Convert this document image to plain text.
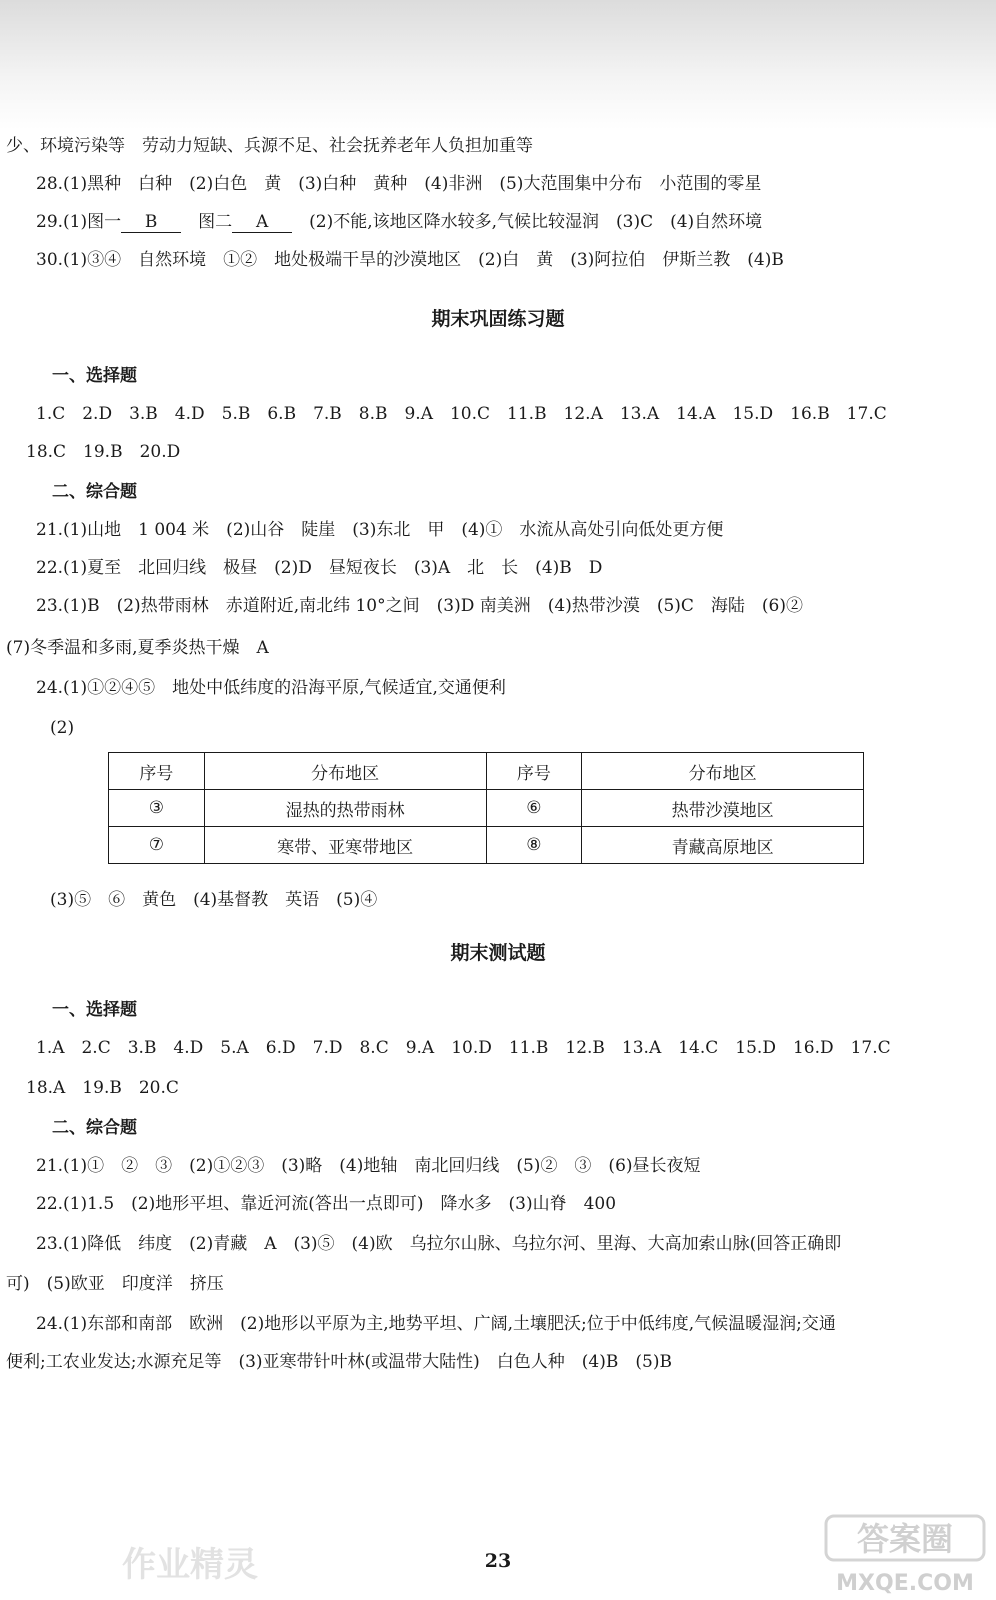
少、环境污染等　劳动力短缺、兵源不足、社会抚养老年人负担加重等
28.(1)黑种　白种　(2)白色　黄　(3)白种　黄种　(4)非洲　(5)大范围集中分布　小范围的零星
29.(1)图一 B　 图二 A　 (2)不能,该地区降水较多,气候比较湿润　(3)C　(4)自然环境
30.(1)③④　自然环境　①②　地处极端干旱的沙漠地区　(2)白　黄　(3)阿拉伯　伊斯兰教　(4)B
期末巩固练习题
一、选择题
1.C　2.D　3.B　4.D　5.B　6.B　7.B　8.B　9.A　10.C　11.B　12.A　13.A　14.A　15.D　16.B　17.C
18.C　19.B　20.D
二、综合题
21.(1)山地　1 004 米　(2)山谷　陡崖　(3)东北　甲　(4)①　水流从高处引向低处更方便
22.(1)夏至　北回归线　极昼　(2)D　昼短夜长　(3)A　北　长　(4)B　D
23.(1)B　(2)热带雨林　赤道附近,南北纬 10°之间　(3)D 南美洲　(4)热带沙漠　(5)C　海陆　(6)②
(7)冬季温和多雨,夏季炎热干燥　A
24.(1)①②④⑤　地处中低纬度的沿海平原,气候适宜,交通便利
(2)
序号	分布地区	序号	分布地区
③	湿热的热带雨林	⑥	热带沙漠地区
⑦	寒带、亚寒带地区	⑧	青藏高原地区
(3)⑤　⑥　黄色　(4)基督教　英语　(5)④
期末测试题
一、选择题
1.A　2.C　3.B　4.D　5.A　6.D　7.D　8.C　9.A　10.D　11.B　12.B　13.A　14.C　15.D　16.D　17.C
18.A　19.B　20.C
二、综合题
21.(1)①　②　③　(2)①②③　(3)略　(4)地轴　南北回归线　(5)②　③　(6)昼长夜短
22.(1)1.5　(2)地形平坦、靠近河流(答出一点即可)　降水多　(3)山脊　400
23.(1)降低　纬度　(2)青藏　A　(3)⑤　(4)欧　乌拉尔山脉、乌拉尔河、里海、大高加索山脉(回答正确即
可)　(5)欧亚　印度洋　挤压
24.(1)东部和南部　欧洲　(2)地形以平原为主,地势平坦、广阔,土壤肥沃;位于中低纬度,气候温暖湿润;交通
便利;工农业发达;水源充足等　(3)亚寒带针叶林(或温带大陆性)　白色人种　(4)B　(5)B
23
答案圈
MXQE.COM
作业精灵
